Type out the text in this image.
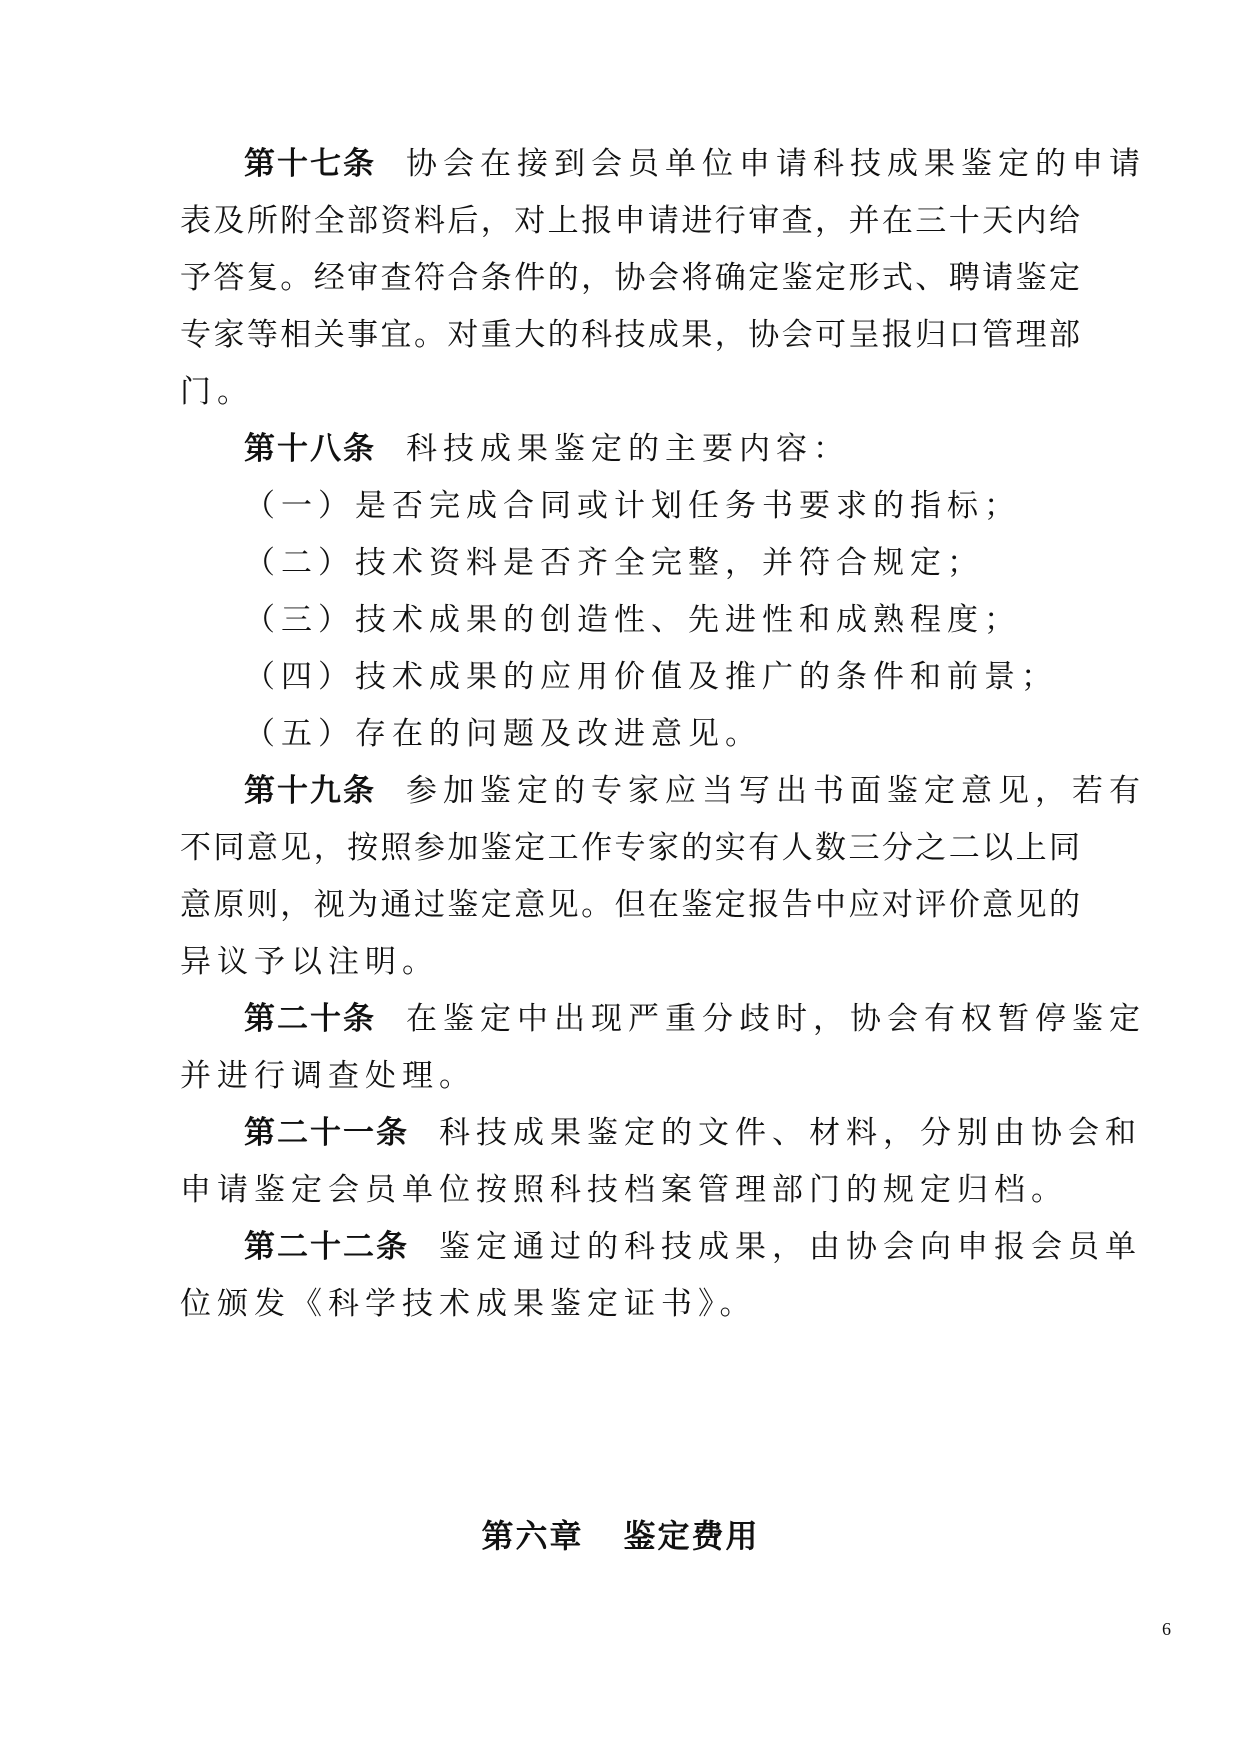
第十七条 协会在接到会员单位申请科技成果鉴定的申请
表及所附全部资料后，对上报申请进行审查，并在三十天内给
予答复。经审查符合条件的，协会将确定鉴定形式、聘请鉴定
专家等相关事宜。对重大的科技成果，协会可呈报归口管理部
门。
第十八条 科技成果鉴定的主要内容：
（一）是否完成合同或计划任务书要求的指标；
（二）技术资料是否齐全完整，并符合规定；
（三）技术成果的创造性、先进性和成熟程度；
（四）技术成果的应用价值及推广的条件和前景；
（五）存在的问题及改进意见。
第十九条 参加鉴定的专家应当写出书面鉴定意见，若有
不同意见，按照参加鉴定工作专家的实有人数三分之二以上同
意原则，视为通过鉴定意见。但在鉴定报告中应对评价意见的
异议予以注明。
第二十条 在鉴定中出现严重分歧时，协会有权暂停鉴定
并进行调查处理。
第二十一条 科技成果鉴定的文件、材料，分别由协会和
申请鉴定会员单位按照科技档案管理部门的规定归档。
第二十二条 鉴定通过的科技成果，由协会向申报会员单
位颁发《科学技术成果鉴定证书》。
第六章 鉴定费用
6
